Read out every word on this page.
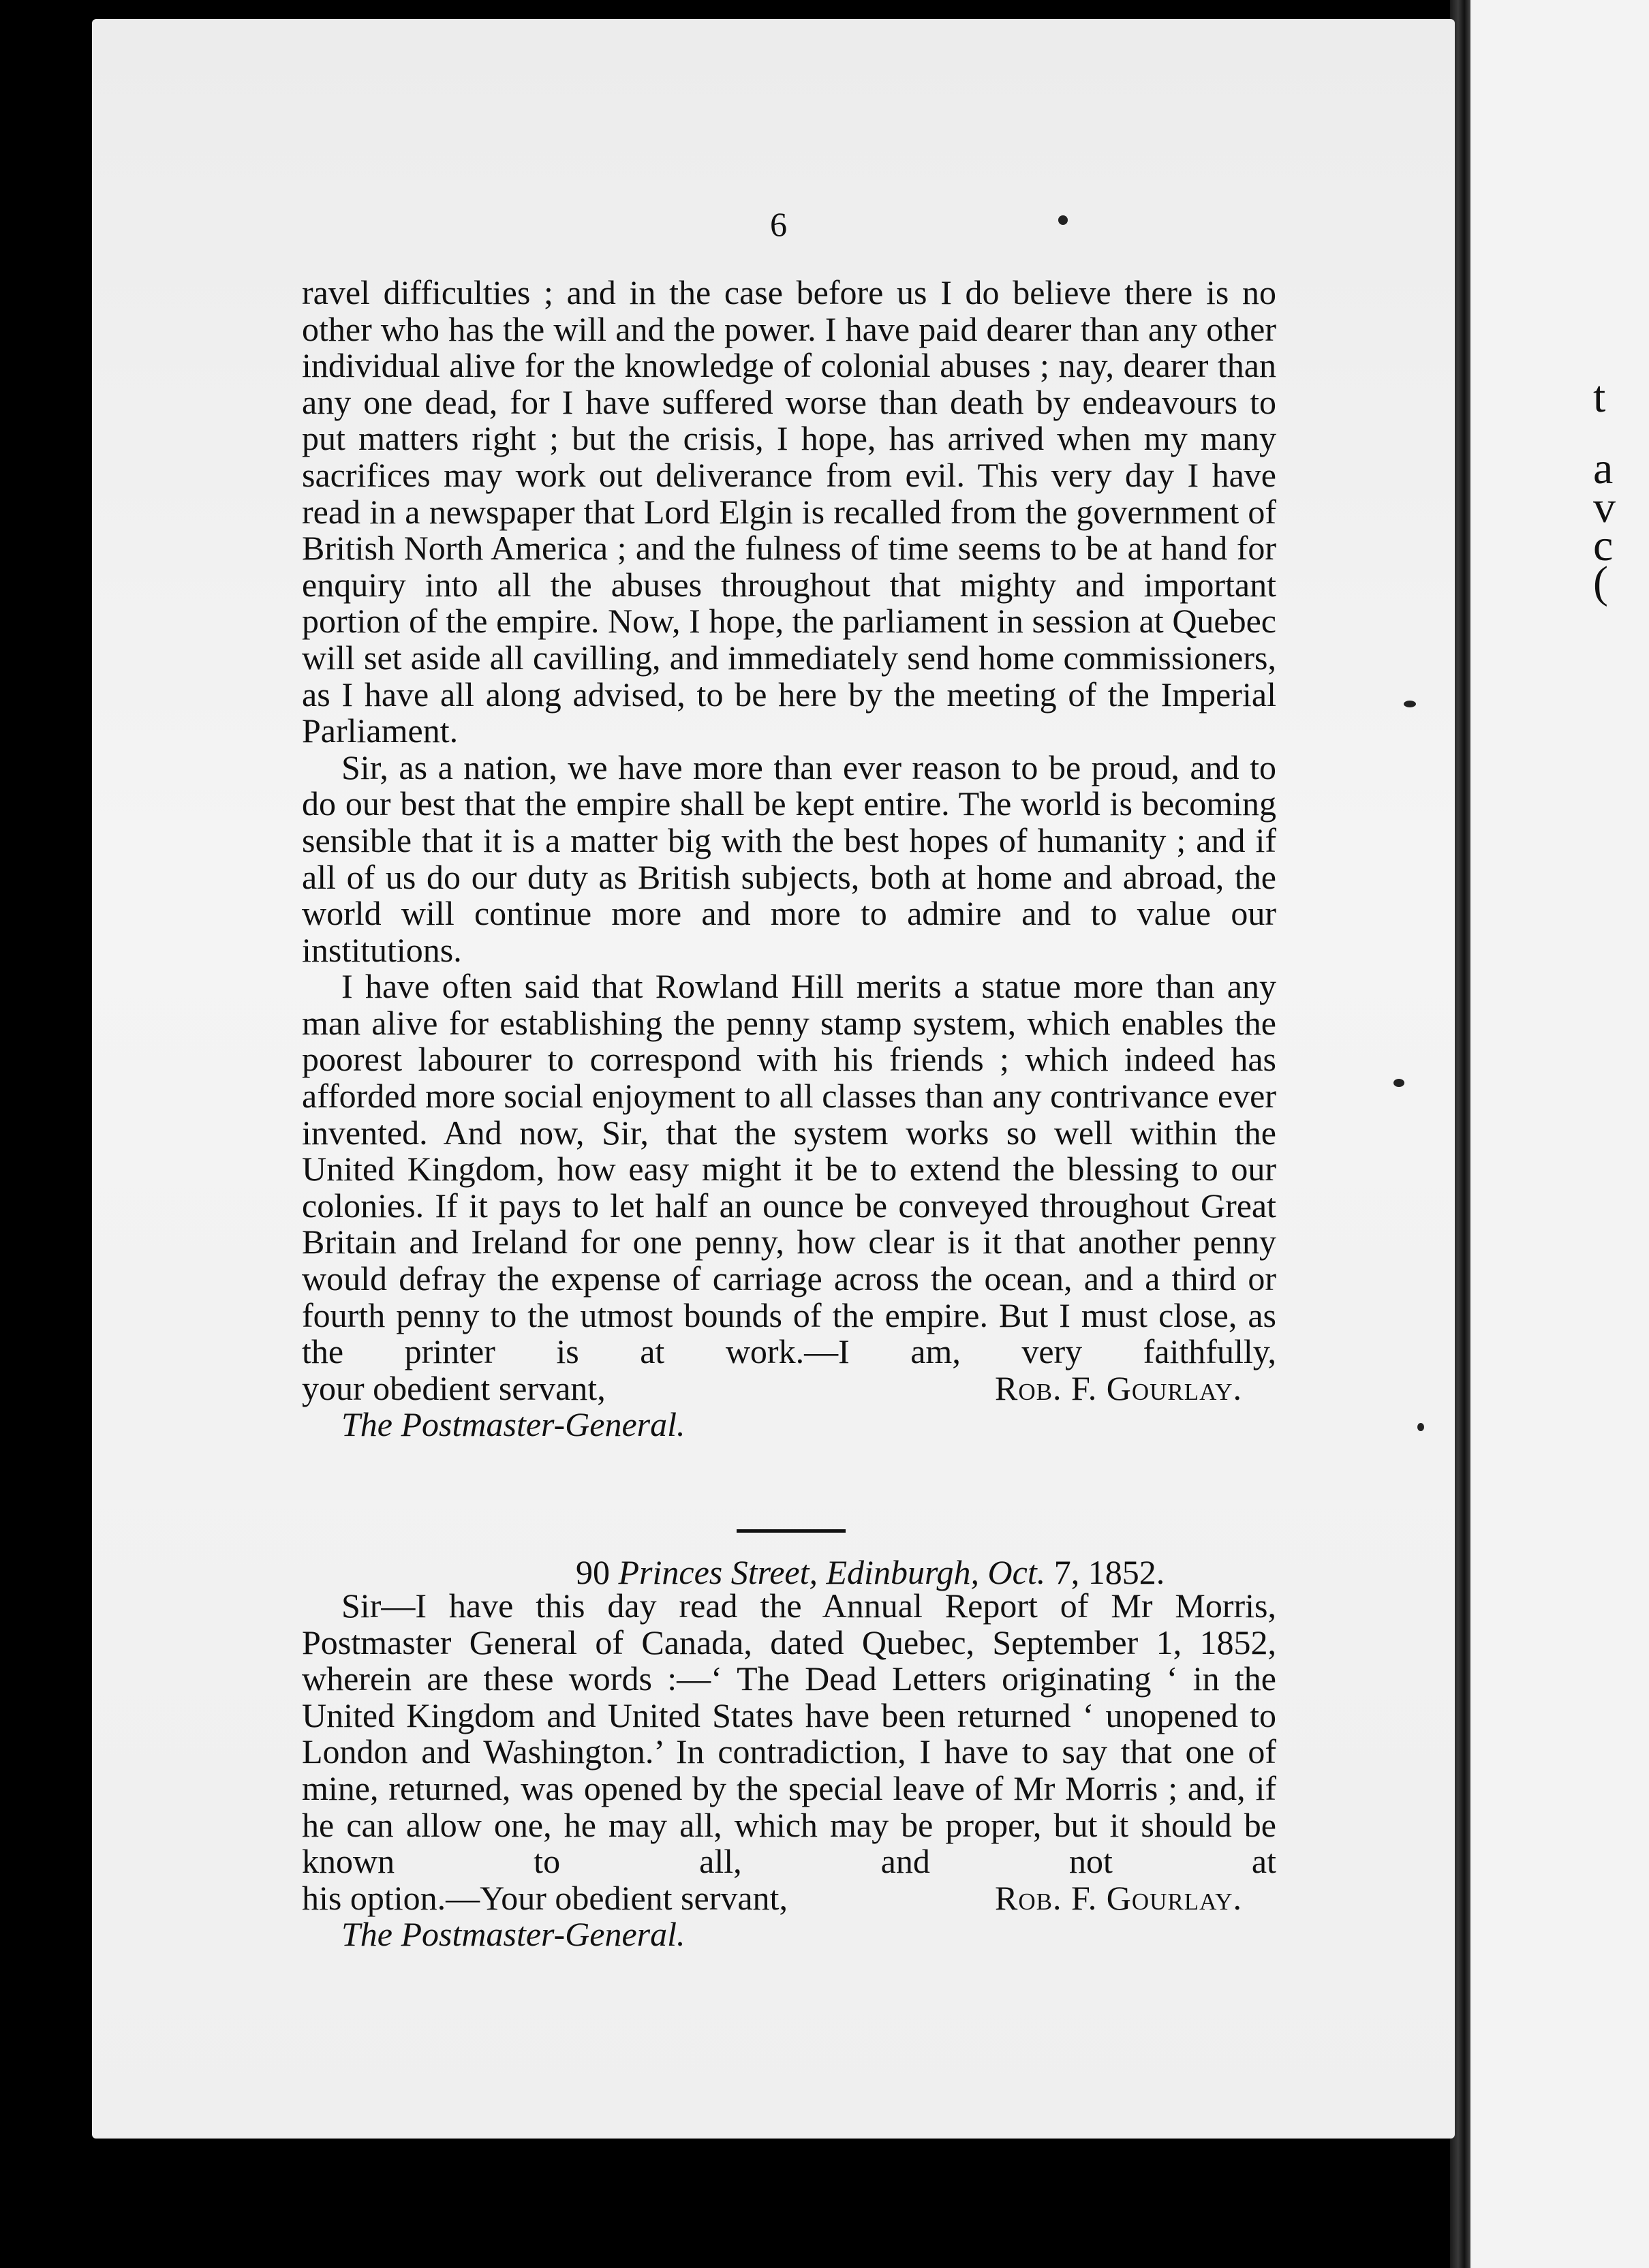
t
a
v
c
(
6

ravel difficulties ; and in the case before us I do believe there is no other who has the will and the power. I have paid dearer than any other individual alive for the knowledge of colonial abuses ; nay, dearer than any one dead, for I have suffered worse than death by endeavours to put matters right ; but the crisis, I hope, has arrived when my many sacrifices may work out deliverance from evil. This very day I have read in a newspaper that Lord Elgin is recalled from the government of British North America ; and the fulness of time seems to be at hand for enquiry into all the abuses throughout that mighty and important portion of the empire. Now, I hope, the parliament in session at Quebec will set aside all cavilling, and immediately send home commissioners, as I have all along advised, to be here by the meeting of the Imperial Parliament.

Sir, as a nation, we have more than ever reason to be proud, and to do our best that the empire shall be kept entire. The world is becoming sensible that it is a matter big with the best hopes of humanity ; and if all of us do our duty as British subjects, both at home and abroad, the world will continue more and more to admire and to value our institutions.

I have often said that Rowland Hill merits a statue more than any man alive for establishing the penny stamp system, which enables the poorest labourer to correspond with his friends ; which indeed has afforded more social enjoyment to all classes than any contrivance ever invented. And now, Sir, that the system works so well within the United Kingdom, how easy might it be to extend the blessing to our colonies. If it pays to let half an ounce be conveyed throughout Great Britain and Ireland for one penny, how clear is it that another penny would defray the expense of carriage across the ocean, and a third or fourth penny to the utmost bounds of the empire. But I must close, as the printer is at work.—I am, very faithfully,

your obedient servant,	Rob. F. Gourlay.
The Postmaster-General.
90 Princes Street, Edinburgh, Oct. 7, 1852.

Sir—I have this day read the Annual Report of Mr Morris, Postmaster General of Canada, dated Quebec, September 1, 1852, wherein are these words :—‘ The Dead Letters originating ‘ in the United Kingdom and United States have been returned ‘ unopened to London and Washington.’ In contradiction, I have to say that one of mine, returned, was opened by the special leave of Mr Morris ; and, if he can allow one, he may all, which may be proper, but it should be known to all, and not at

his option.—Your obedient servant,	Rob. F. Gourlay.
The Postmaster-General.
